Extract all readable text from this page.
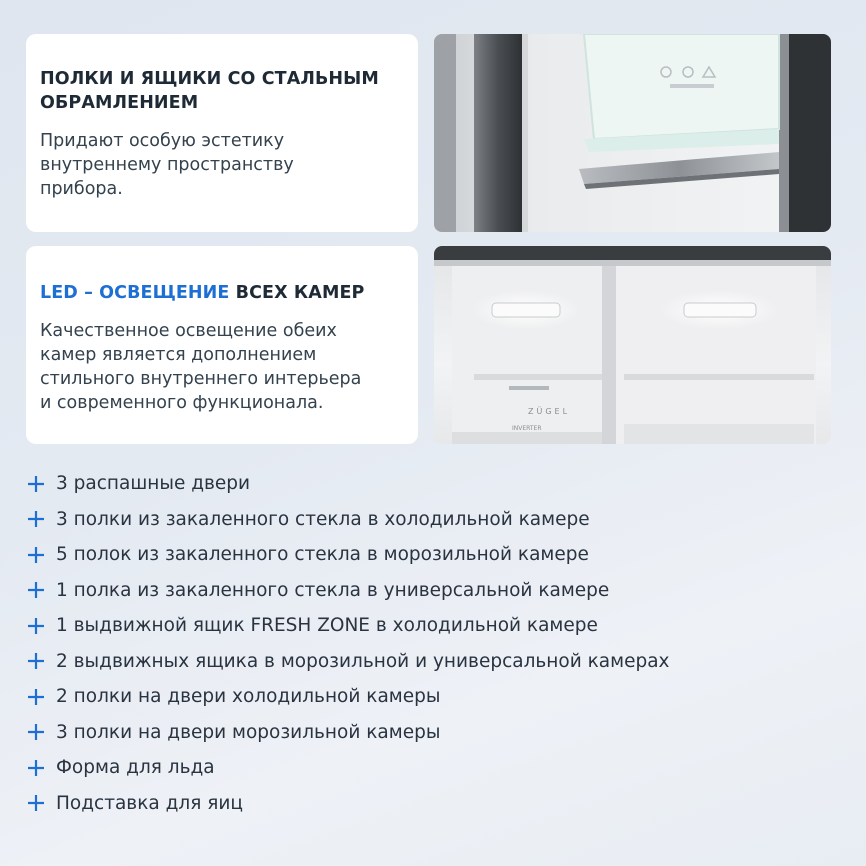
ПОЛКИ И ЯЩИКИ СО СТАЛЬНЫМ
ОБРАМЛЕНИЕМ
Придают особую эстетику
внутреннему пространству
прибора.
LED – ОСВЕЩЕНИЕ ВСЕХ КАМЕР
Качественное освещение обеих
камер является дополнением
стильного внутреннего интерьера
и современного функционала.	ZÜGEL
INVERTER
3 распашные двери
3 полки из закаленного стекла в холодильной камере
5 полок из закаленного стекла в морозильной камере
1 полка из закаленного стекла в универсальной камере
1 выдвижной ящик FRESH ZONE в холодильной камере
2 выдвижных ящика в морозильной и универсальной камерах
2 полки на двери холодильной камеры
3 полки на двери морозильной камеры
Форма для льда
Подставка для яиц
